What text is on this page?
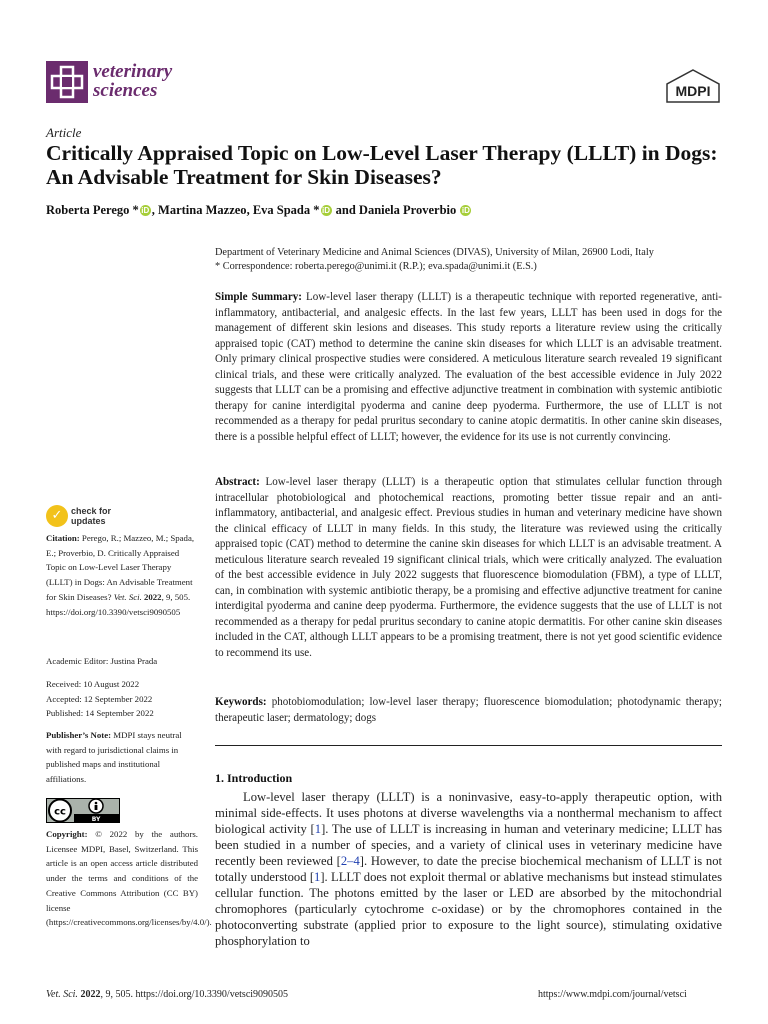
veterinary
sciences	MDPI
Article
Critically Appraised Topic on Low-Level Laser Therapy (LLLT) in Dogs: An Advisable Treatment for Skin Diseases?
Roberta Perego * iD , Martina Mazzeo, Eva Spada * iD and Daniela Proverbio iD
Department of Veterinary Medicine and Animal Sciences (DIVAS), University of Milan, 26900 Lodi, Italy
* Correspondence: roberta.perego@unimi.it (R.P.); eva.spada@unimi.it (E.S.)
Simple Summary: Low-level laser therapy (LLLT) is a therapeutic technique with reported regenerative, anti-inflammatory, antibacterial, and analgesic effects. In the last few years, LLLT has been used in dogs for the management of different skin lesions and diseases. This study reports a literature review using the critically appraised topic (CAT) method to determine the canine skin diseases for which LLLT is an advisable treatment. Only primary clinical prospective studies were considered. A meticulous literature search revealed 19 significant clinical trials, and these were critically analyzed. The evaluation of the best accessible evidence in July 2022 suggests that LLLT can be a promising and effective adjunctive treatment in combination with systemic antibiotic therapy for canine interdigital pyoderma and canine deep pyoderma. Furthermore, the use of LLLT is not recommended as a therapy for pedal pruritus secondary to canine atopic dermatitis. In other canine skin diseases, there is a possible helpful effect of LLLT; however, the evidence for its use is not currently convincing.
Abstract: Low-level laser therapy (LLLT) is a therapeutic option that stimulates cellular function through intracellular photobiological and photochemical reactions, promoting better tissue repair and an anti-inflammatory, antibacterial, and analgesic effect. Previous studies in human and veterinary medicine have shown the clinical efficacy of LLLT in many fields. In this study, the literature was reviewed using the critically appraised topic (CAT) method to determine the canine skin diseases for which LLLT is an advisable treatment. A meticulous literature search revealed 19 significant clinical trials, which were critically analyzed. The evaluation of the best accessible evidence in July 2022 suggests that fluorescence biomodulation (FBM), a type of LLLT, can, in combination with systemic antibiotic therapy, be a promising and effective adjunctive treatment for canine interdigital pyoderma and canine deep pyoderma. Furthermore, the evidence suggests that the use of LLLT is not recommended as a therapy for pedal pruritus secondary to canine atopic dermatitis. For other canine skin diseases included in the CAT, although LLLT appears to be a promising treatment, there is not yet good scientific evidence to recommend its use.
Keywords: photobiomodulation; low-level laser therapy; fluorescence biomodulation; photodynamic therapy; therapeutic laser; dermatology; dogs
1. Introduction

Low-level laser therapy (LLLT) is a noninvasive, easy-to-apply therapeutic option, with minimal side-effects. It uses photons at diverse wavelengths via a nonthermal mechanism to affect biological activity [1]. The use of LLLT is increasing in human and veterinary medicine; LLLT has been studied in a number of species, and a variety of clinical uses in veterinary medicine have recently been reviewed [2–4]. However, to date the precise biochemical mechanism of LLLT is not totally understood [1]. LLLT does not exploit thermal or ablative mechanisms but instead stimulates cellular function. The photons emitted by the laser or LED are absorbed by the mitochondrial chromophores (particularly cytochrome c-oxidase) or by the chromophores contained in the photoconverting substrate (applied prior to exposure to the light source), stimulating oxidative phosphorylation to

✓ check for
updates
Citation: Perego, R.; Mazzeo, M.; Spada, E.; Proverbio, D. Critically Appraised Topic on Low-Level Laser Therapy (LLLT) in Dogs: An Advisable Treatment for Skin Diseases? Vet. Sci. 2022, 9, 505. https://doi.org/10.3390/vetsci9090505
Academic Editor: Justina Prada
Received: 10 August 2022
Accepted: 12 September 2022
Published: 14 September 2022
Publisher’s Note: MDPI stays neutral with regard to jurisdictional claims in published maps and institutional affiliations.
cc
BY
Copyright: © 2022 by the authors. Licensee MDPI, Basel, Switzerland. This article is an open access article distributed under the terms and conditions of the Creative Commons Attribution (CC BY) license (https://creativecommons.org/licenses/by/4.0/).
Vet. Sci. 2022, 9, 505. https://doi.org/10.3390/vetsci9090505	https://www.mdpi.com/journal/vetsci
